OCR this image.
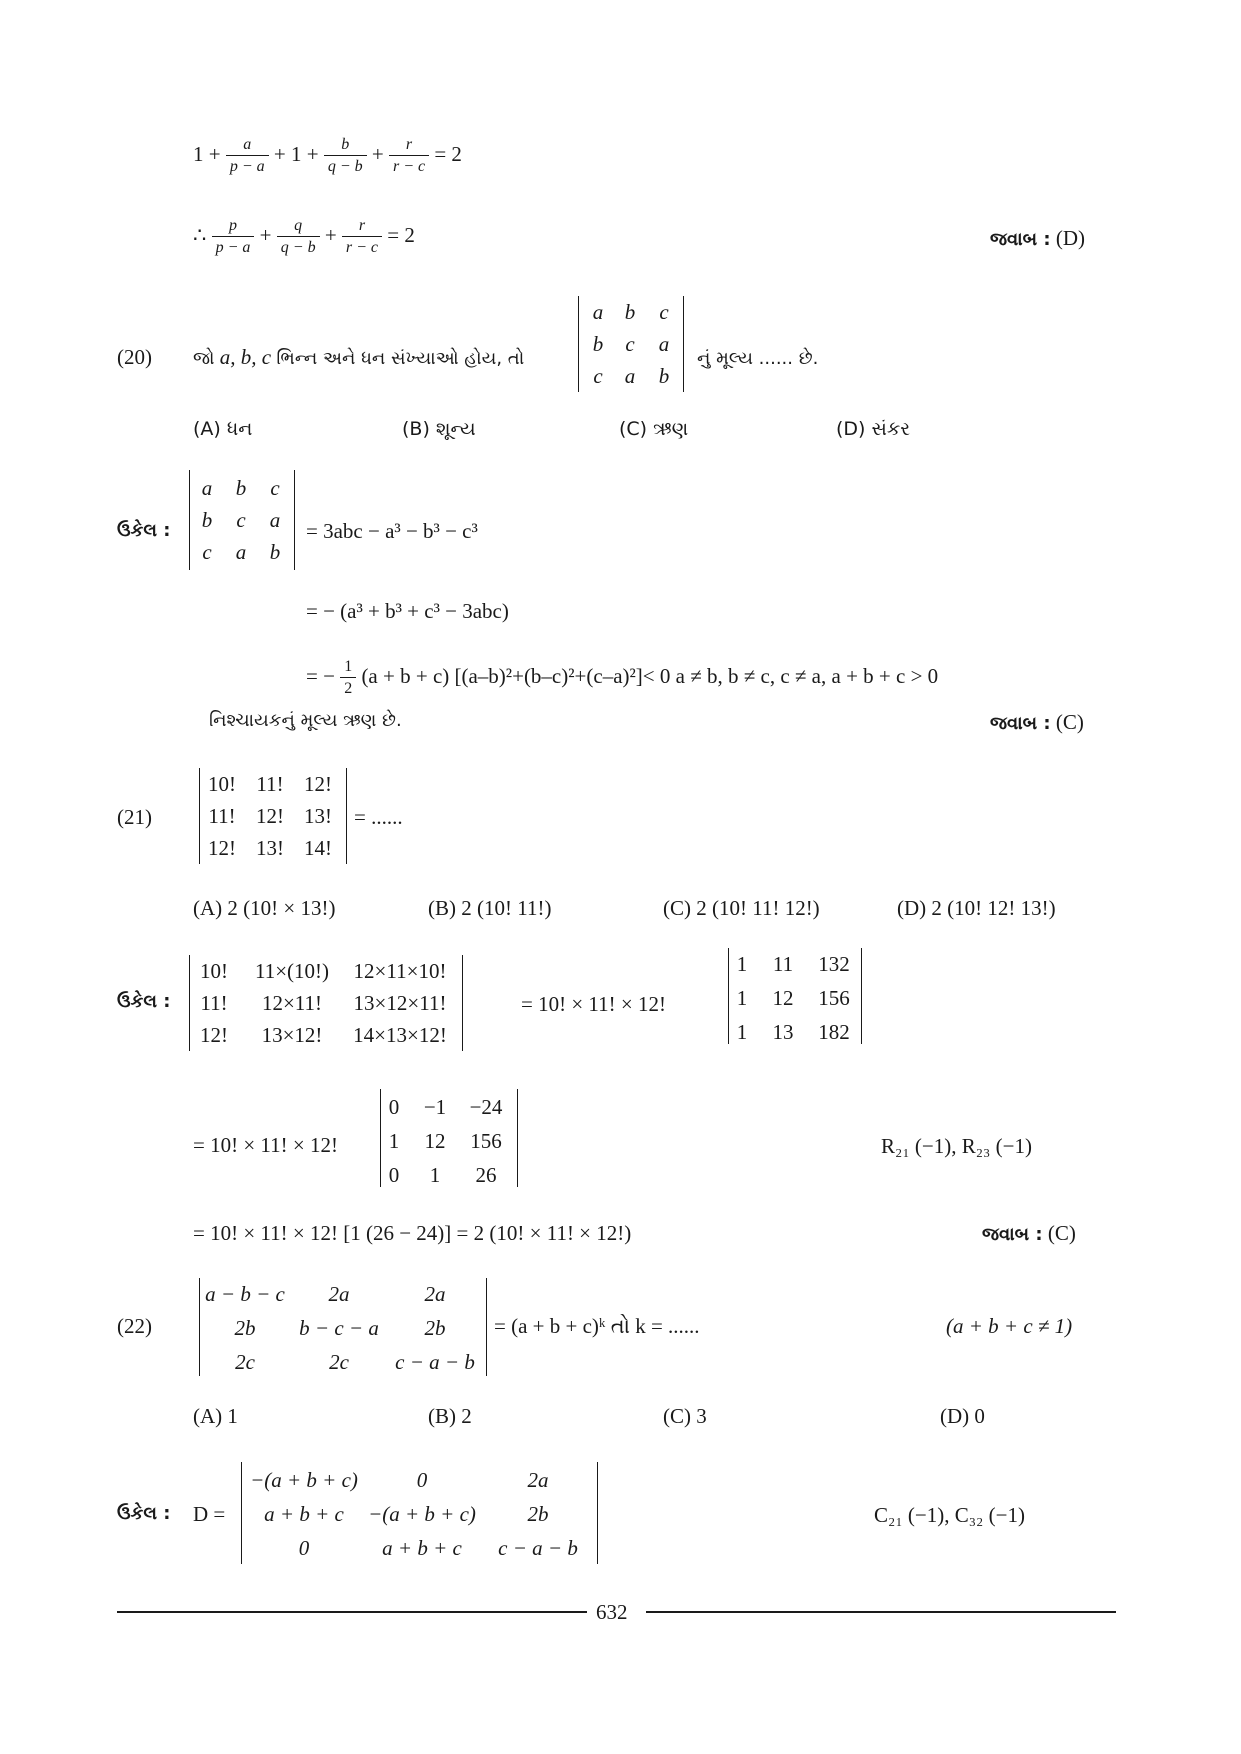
$1 + \frac{a}{p - a} + 1 + \frac{b}{q - b} + \frac{r}{r - c} = 2$
∴ $\frac{p}{p - a} + \frac{q}{q - b} + \frac{r}{r - c} = 2$	જવાબ : (D)
(20) જો a, b, c ભિન્ન અને ધન સંખ્યાઓ હોય, તો
a	b	c
b	c	a
c	a	b
નું મૂલ્ય ...... છે.
(A) ધન	(B) શૂન્ય	(C) ઋણ	(D) સંકર
ઉકેલ :
a	b	c
b	c	a
c	a	b
= 3abc − a³ − b³ − c³
= − (a³ + b³ + c³ − 3abc)
= − $\frac{1}{2} (a + b + c)$ [(a–b)²+(b–c)²+(c–a)²]< 0 a ≠ b, b ≠ c, c ≠ a, a + b + c > 0
નિશ્ચાયકનું મૂલ્ય ઋણ છે.	જવાબ : (C)
(21)
10! 11! 12!
11! 12! 13!
12! 13! 14!
= ......
(A) 2 (10! × 13!)	(B) 2 (10! 11!)	(C) 2 (10! 11! 12!)	(D) 2 (10! 12! 13!)
ઉકેલ :
10!	11×(10!)	12×11×10!
11!	12×11!	13×12×11!
12!	13×12!	14×13×12!
= 10! × 11! × 12!
1	11	132
1	12	156
1	13	182
= 10! × 11! × 12!
0	−1	−24
1	12	156
0	1	26
R₂₁ (−1), R₂₃ (−1)
= 10! × 11! × 12! [1 (26 − 24)] = 2 (10! × 11! × 12!)	જવાબ : (C)
(22)
a − b − c	2a	2a
2b	b − c − a	2b
2c	2c	c − a − b
= (a + b + c)ᵏ તો k = ......	(a + b + c ≠ 1)
(A) 1	(B) 2	(C) 3	(D) 0
ઉકેલ : D =
−(a + b + c)	0	2a
a + b + c	−(a + b + c)	2b
0	a + b + c	c − a − b
C₂₁ (−1), C₃₂ (−1)
632
